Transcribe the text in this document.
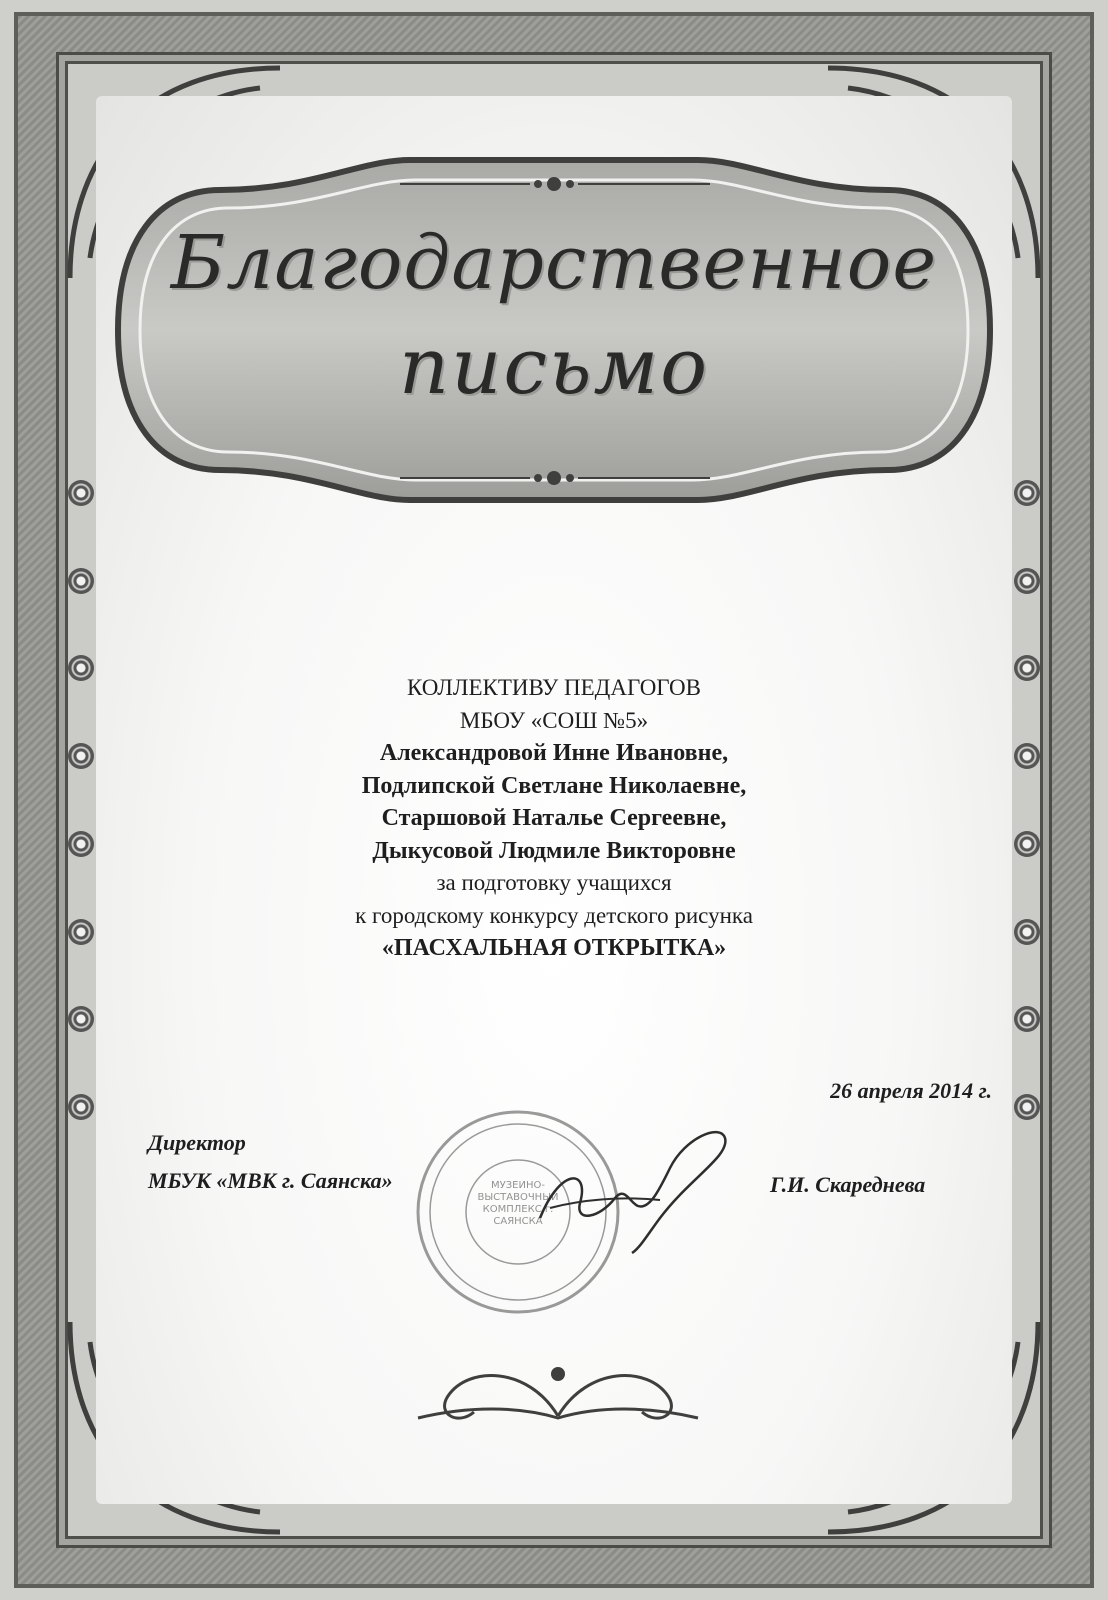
Благодарственное
письмо
КОЛЛЕКТИВУ ПЕДАГОГОВ
МБОУ «СОШ №5»
Александровой Инне Ивановне,
Подлипской Светлане Николаевне,
Старшовой Наталье Сергеевне,
Дыкусовой Людмиле Викторовне
за подготовку учащихся
к городскому конкурсу детского рисунка
«ПАСХАЛЬНАЯ ОТКРЫТКА»
26 апреля 2014 г.
МУЗЕЙНО-ВЫСТАВОЧНЫЙ КОМПЛЕКС г. САЯНСКА
Директор
МБУК «МВК г. Саянска»	Г.И. Скареднева
